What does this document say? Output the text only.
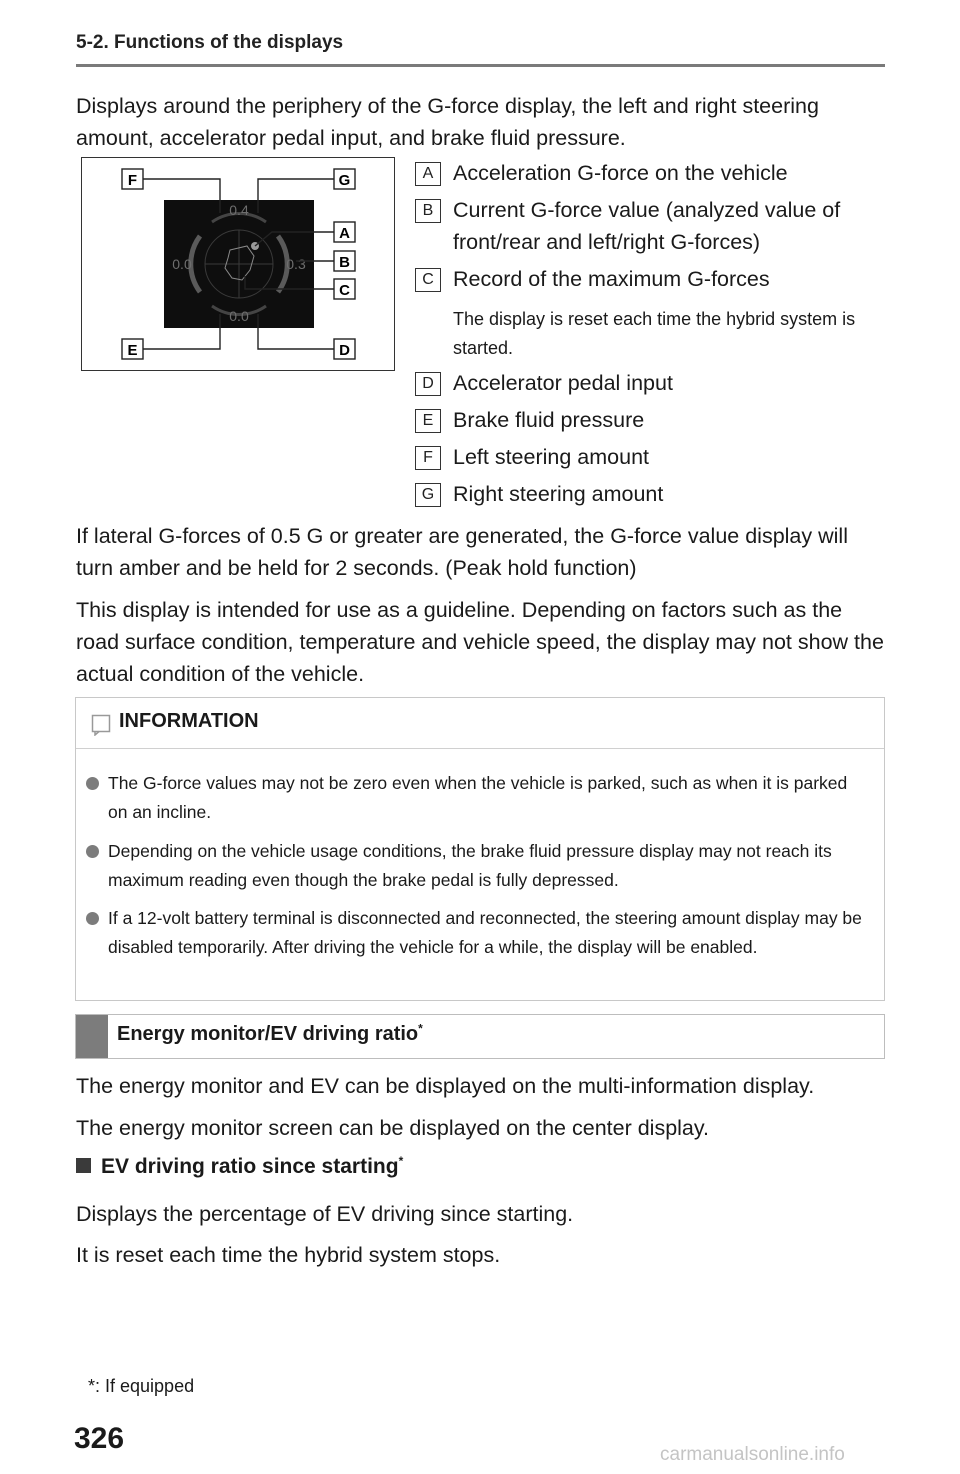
5-2. Functions of the displays
Displays around the periphery of the G-force display, the left and right steering amount, accelerator pedal input, and brake fluid pressure.
0.4
0.0	0.3
0.0
F	G
A
B
C
E	D
A Acceleration G-force on the vehicle
B Current G-force value (analyzed value of front/rear and left/right G-forces)
C Record of the maximum G-forces
The display is reset each time the hybrid system is started.
D Accelerator pedal input
E Brake fluid pressure
F Left steering amount
G Right steering amount
If lateral G-forces of 0.5 G or greater are generated, the G-force value display will turn amber and be held for 2 seconds. (Peak hold function)
This display is intended for use as a guideline. Depending on factors such as the road surface condition, temperature and vehicle speed, the display may not show the actual condition of the vehicle.
INFORMATION
The G-force values may not be zero even when the vehicle is parked, such as when it is parked on an incline.
Depending on the vehicle usage conditions, the brake fluid pressure display may not reach its maximum reading even though the brake pedal is fully depressed.
If a 12-volt battery terminal is disconnected and reconnected, the steering amount display may be disabled temporarily. After driving the vehicle for a while, the display will be enabled.
Energy monitor/EV driving ratio*
The energy monitor and EV can be displayed on the multi-information display.
The energy monitor screen can be displayed on the center display.
EV driving ratio since starting*
Displays the percentage of EV driving since starting.
It is reset each time the hybrid system stops.
*: If equipped
326	carmanualsonline.info
